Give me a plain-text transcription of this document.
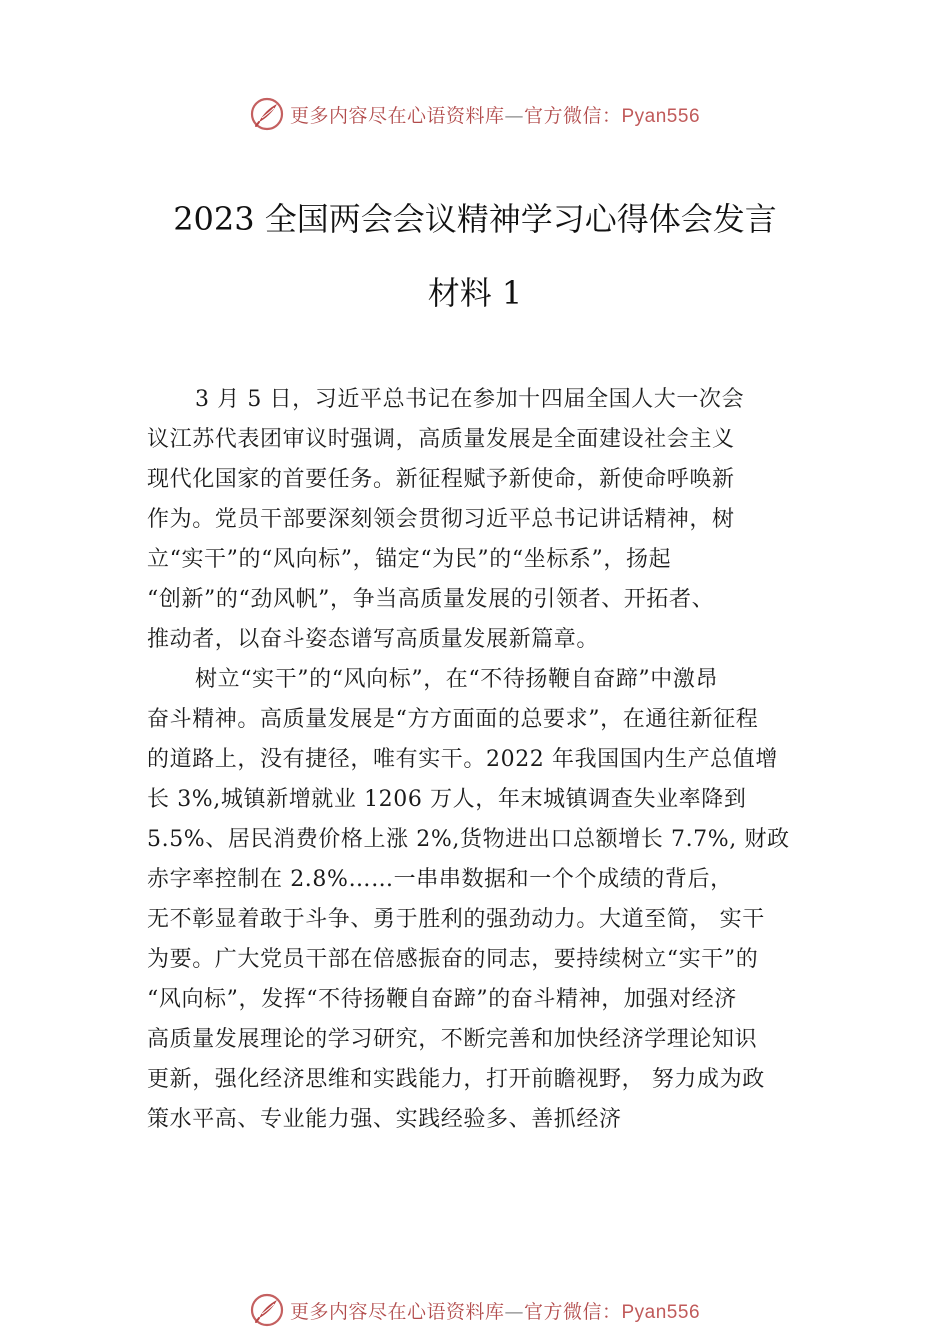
更多内容尽在心语资料库—官方微信：Pyan556
2023 全国两会会议精神学习心得体会发言
材料 1
3 月 5 日，习近平总书记在参加十四届全国人大一次会
议江苏代表团审议时强调，高质量发展是全面建设社会主义
现代化国家的首要任务。新征程赋予新使命，新使命呼唤新
作为。党员干部要深刻领会贯彻习近平总书记讲话精神，树
立“实干”的“风向标”，锚定“为民”的“坐标系”，扬起
“创新”的“劲风帆”，争当高质量发展的引领者、开拓者、
推动者，以奋斗姿态谱写高质量发展新篇章。
树立“实干”的“风向标”，在“不待扬鞭自奋蹄”中激昂
奋斗精神。高质量发展是“方方面面的总要求”，在通往新征程
的道路上，没有捷径，唯有实干。2022 年我国国内生产总值增
长 3%,城镇新增就业 1206 万人，年末城镇调查失业率降到
5.5%、居民消费价格上涨 2%,货物进出口总额增长 7.7%, 财政
赤字率控制在 2.8%……一串串数据和一个个成绩的背后，
无不彰显着敢于斗争、勇于胜利的强劲动力。大道至简， 实干
为要。广大党员干部在倍感振奋的同志，要持续树立“实干”的
“风向标”，发挥“不待扬鞭自奋蹄”的奋斗精神，加强对经济
高质量发展理论的学习研究，不断完善和加快经济学理论知识
更新，强化经济思维和实践能力，打开前瞻视野， 努力成为政
策水平高、专业能力强、实践经验多、善抓经济
更多内容尽在心语资料库—官方微信：Pyan556
